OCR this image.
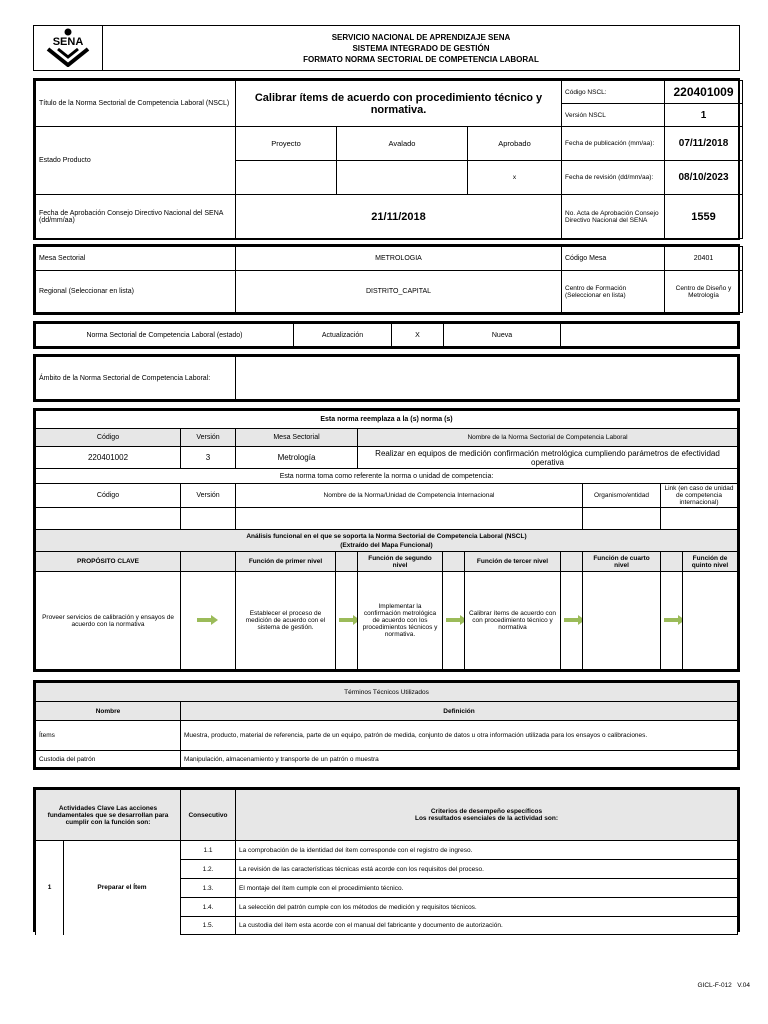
SENA	SERVICIO NACIONAL DE APRENDIZAJE SENA
SISTEMA INTEGRADO DE GESTIÓN
FORMATO NORMA SECTORIAL DE COMPETENCIA LABORAL
Título de la Norma Sectorial de Competencia Laboral (NSCL)	Calibrar ítems de acuerdo con procedimiento técnico y normativa.			Código NSCL:	220401009
				Versión NSCL	1
Estado Producto	Proyecto	Avalado	Aprobado	Fecha de publicación (mm/aa):	07/11/2018
			x	Fecha de revisión (dd/mm/aa):	08/10/2023
Fecha de Aprobación Consejo Directivo Nacional del SENA (dd/mm/aa)	21/11/2018			No. Acta de Aprobación Consejo Directivo Nacional del SENA	1559
Mesa Sectorial	METROLOGIA	Código Mesa	20401
Regional (Seleccionar en lista)	DISTRITO_CAPITAL	Centro de Formación (Seleccionar en lista)	Centro de Diseño y Metrología
Norma Sectorial de Competencia Laboral (estado)	Actualización	X	Nueva	
Ámbito de la Norma Sectorial de Competencia Laboral:	
Esta norma reemplaza a la (s) norma (s)										
Código	Versión	Mesa Sectorial		Nombre de la Norma Sectorial de Competencia Laboral						
220401002	3	Metrología		Realizar en equipos de medición confirmación metrológica cumpliendo parámetros de efectividad operativa						
Esta norma toma como referente la norma o unidad de competencia:										
Código	Versión	Nombre de la Norma/Unidad de Competencia Internacional						Organismo/entidad	Link (en caso de unidad de competencia internacional)	

Análisis funcional en el que se soporta la Norma Sectorial de Competencia Laboral (NSCL)
(Extraído del Mapa Funcional)										

PROPÓSITO CLAVE		Función de primer nivel		Función de segundo nivel		Función de tercer nivel		Función de cuarto nivel		Función de quinto nivel
Proveer servicios de calibración y ensayos de acuerdo con la normativa		Establecer el proceso de medición de acuerdo con el sistema de gestión.		Implementar la confirmación metrológica de acuerdo con los procedimientos técnicos y normativa.		Calibrar ítems de acuerdo con con procedimiento técnico y normativa				
Términos Técnicos Utilizados	
Nombre	Definición
Ítems	Muestra, producto, material de referencia, parte de un equipo, patrón de medida, conjunto de datos u otra información utilizada para los ensayos o calibraciones.
Custodia del patrón	Manipulación, almacenamiento y transporte de un patrón o muestra
Actividades Clave Las acciones fundamentales que se desarrollan para cumplir con la función son:		Consecutivo	Criterios de desempeño específicos
Los resultados esenciales de la actividad son:

1	Preparar el Ítem	1.1	La comprobación de la identidad del ítem corresponde con el registro de ingreso.
		1.2.	La revisión de las características técnicas está acorde con los requisitos del proceso.
		1.3.	El montaje del ítem cumple con el procedimiento técnico.
		1.4.	La selección del patrón cumple con los métodos de medición y requisitos técnicos.
		1.5.	La custodia del ítem esta acorde con el manual del fabricante y documento de autorización.
GICL-F-012   V.04
